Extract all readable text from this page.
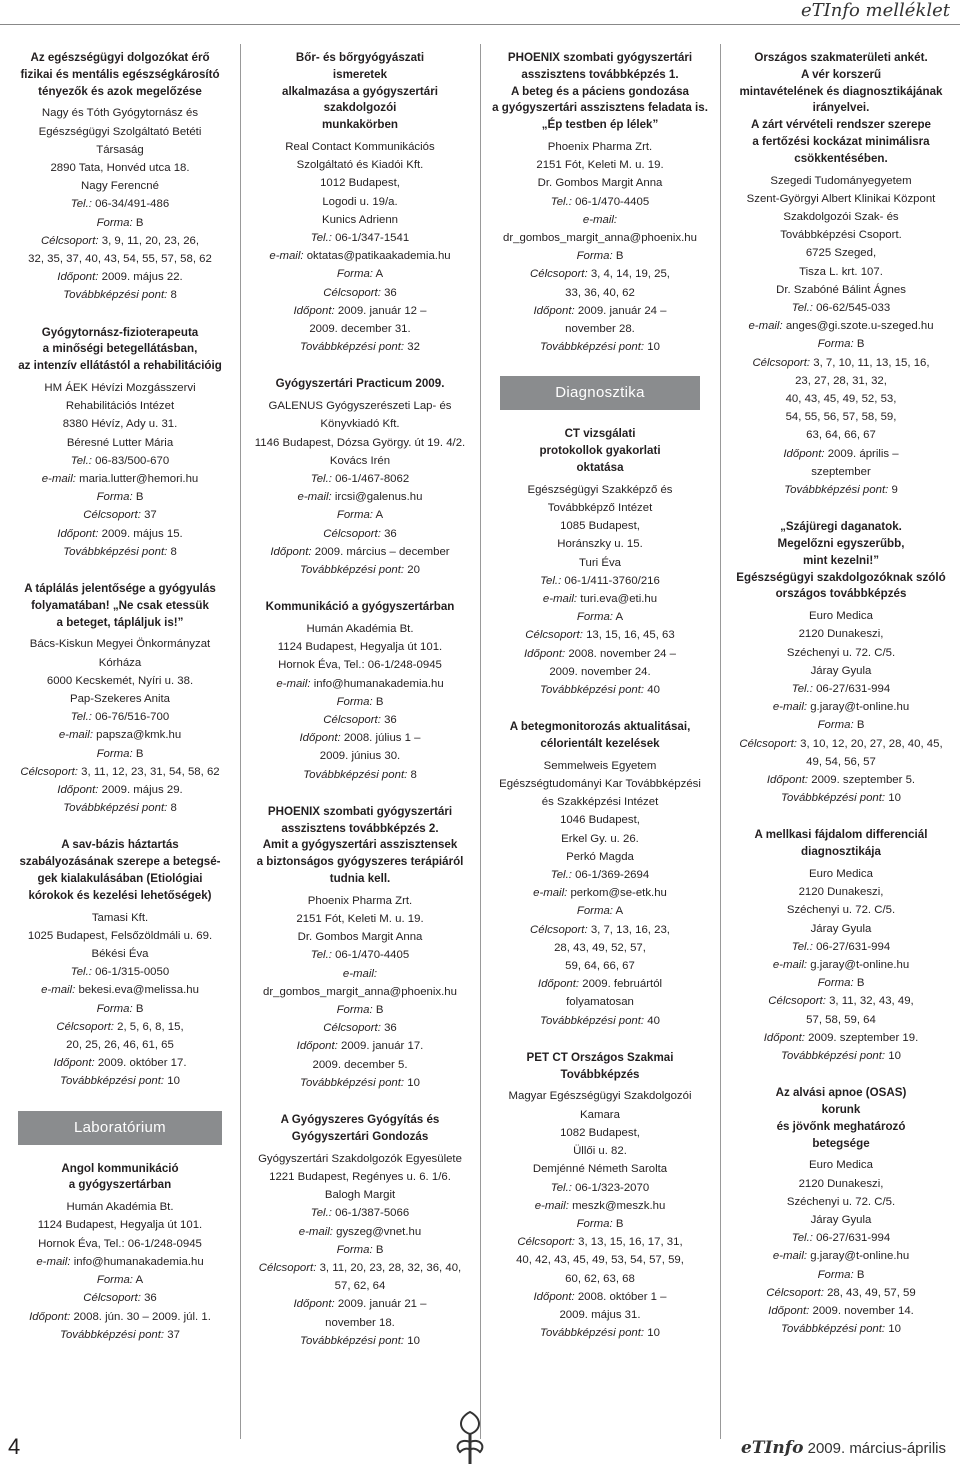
eTInfo melléklet
Az egészségügyi dolgozókat érő
fizikai és mentális egészségkárosító
tényezők és azok megelőzése
Nagy és Tóth Gyógytornász és
Egészségügyi Szolgáltató Betéti
Társaság
2890 Tata, Honvéd utca 18.
Nagy Ferencné
Tel.: 06-34/491-486
Forma: B
Célcsoport: 3, 9, 11, 20, 23, 26,
32, 35, 37, 40, 43, 54, 55, 57, 58, 62
Időpont: 2009. május 22.
Továbbképzési pont: 8
Gyógytornász-fizioterapeuta
a minőségi betegellátásban,
az intenzív ellátástól a rehabilitációig
HM ÁEK Hévízi Mozgásszervi
Rehabilitációs Intézet
8380 Hévíz, Ady u. 31.
Béresné Lutter Mária
Tel.: 06-83/500-670
e-mail: maria.lutter@hemori.hu
Forma: B
Célcsoport: 37
Időpont: 2009. május 15.
Továbbképzési pont: 8
A táplálás jelentősége a gyógyulás
folyamatában! „Ne csak etessük
a beteget, tápláljuk is!”
Bács-Kiskun Megyei Önkormányzat
Kórháza
6000 Kecskemét, Nyíri u. 38.
Pap-Szekeres Anita
Tel.: 06-76/516-700
e-mail: papsza@kmk.hu
Forma: B
Célcsoport: 3, 11, 12, 23, 31, 54, 58, 62
Időpont: 2009. május 29.
Továbbképzési pont: 8
A sav-bázis háztartás
szabályozásának szerepe a betegsé-
gek kialakulásában (Etiológiai
kórokok és kezelési lehetőségek)
Tamasi Kft.
1025 Budapest, Felsőzöldmáli u. 69.
Békési Éva
Tel.: 06-1/315-0050
e-mail: bekesi.eva@melissa.hu
Forma: B
Célcsoport: 2, 5, 6, 8, 15,
20, 25, 26, 46, 61, 65
Időpont: 2009. október 17.
Továbbképzési pont: 10
Laboratórium
Angol kommunikáció
a gyógyszertárban
Humán Akadémia Bt.
1124 Budapest, Hegyalja út 101.
Hornok Éva, Tel.: 06-1/248-0945
e-mail: info@humanakademia.hu
Forma: A
Célcsoport: 36
Időpont: 2008. jún. 30 – 2009. júl. 1.
Továbbképzési pont: 37
Bőr- és bőrgyógyászati
ismeretek
alkalmazása a gyógyszertári
szakdolgozói
munkakörben
Real Contact Kommunikációs
Szolgáltató és Kiadói Kft.
1012 Budapest,
Logodi u. 19/a.
Kunics Adrienn
Tel.: 06-1/347-1541
e-mail: oktatas@patikaakademia.hu
Forma: A
Célcsoport: 36
Időpont: 2009. január 12 –
2009. december 31.
Továbbképzési pont: 32
Gyógyszertári Practicum 2009.
GALENUS Gyógyszerészeti Lap- és
Könyvkiadó Kft.
1146 Budapest, Dózsa György. út 19. 4/2.
Kovács Irén
Tel.: 06-1/467-8062
e-mail: ircsi@galenus.hu
Forma: A
Célcsoport: 36
Időpont: 2009. március – december
Továbbképzési pont: 20
Kommunikáció a gyógyszertárban
Humán Akadémia Bt.
1124 Budapest, Hegyalja út 101.
Hornok Éva, Tel.: 06-1/248-0945
e-mail: info@humanakademia.hu
Forma: B
Célcsoport: 36
Időpont: 2008. július 1 –
2009. június 30.
Továbbképzési pont: 8
PHOENIX szombati gyógyszertári
asszisztens továbbképzés 2.
Amit a gyógyszertári asszisztensek
a biztonságos gyógyszeres terápiáról
tudnia kell.
Phoenix Pharma Zrt.
2151 Fót, Keleti M. u. 19.
Dr. Gombos Margit Anna
Tel.: 06-1/470-4405
e-mail:
dr_gombos_margit_anna@phoenix.hu
Forma: B
Célcsoport: 36
Időpont: 2009. január 17.
2009. december 5.
Továbbképzési pont: 10
A Gyógyszeres Gyógyítás és
Gyógyszertári Gondozás
Gyógyszertári Szakdolgozók Egyesülete
1221 Budapest, Regényes u. 6. 1/6.
Balogh Margit
Tel.: 06-1/387-5066
e-mail: gyszeg@vnet.hu
Forma: B
Célcsoport: 3, 11, 20, 23, 28, 32, 36, 40,
57, 62, 64
Időpont: 2009. január 21 –
november 18.
Továbbképzési pont: 10
PHOENIX szombati gyógyszertári
asszisztens továbbképzés 1.
A beteg és a páciens gondozása
a gyógyszertári asszisztens feladata is.
„Ép testben ép lélek”
Phoenix Pharma Zrt.
2151 Fót, Keleti M. u. 19.
Dr. Gombos Margit Anna
Tel.: 06-1/470-4405
e-mail:
dr_gombos_margit_anna@phoenix.hu
Forma: B
Célcsoport: 3, 4, 14, 19, 25,
33, 36, 40, 62
Időpont: 2009. január 24 –
november 28.
Továbbképzési pont: 10
Diagnosztika
CT vizsgálati
protokollok gyakorlati
oktatása
Egészségügyi Szakképző és
Továbbképző Intézet
1085 Budapest,
Horánszky u. 15.
Turi Éva
Tel.: 06-1/411-3760/216
e-mail: turi.eva@eti.hu
Forma: A
Célcsoport: 13, 15, 16, 45, 63
Időpont: 2008. november 24 –
2009. november 24.
Továbbképzési pont: 40
A betegmonitorozás aktualitásai,
célorientált kezelések
Semmelweis Egyetem
Egészségtudományi Kar Továbbképzési
és Szakképzési Intézet
1046 Budapest,
Erkel Gy. u. 26.
Perkó Magda
Tel.: 06-1/369-2694
e-mail: perkom@se-etk.hu
Forma: A
Célcsoport: 3, 7, 13, 16, 23,
28, 43, 49, 52, 57,
59, 64, 66, 67
Időpont: 2009. februártól
folyamatosan
Továbbképzési pont: 40
PET CT Országos Szakmai
Továbbképzés
Magyar Egészségügyi Szakdolgozói
Kamara
1082 Budapest,
Üllői u. 82.
Demjénné Németh Sarolta
Tel.: 06-1/323-2070
e-mail: meszk@meszk.hu
Forma: B
Célcsoport: 3, 13, 15, 16, 17, 31,
40, 42, 43, 45, 49, 53, 54, 57, 59,
60, 62, 63, 68
Időpont: 2008. október 1 –
2009. május 31.
Továbbképzési pont: 10
Országos szakmaterületi ankét.
A vér korszerű
mintavételének és diagnosztikájának
irányelvei.
A zárt vérvételi rendszer szerepe
a fertőzési kockázat minimálisra
csökkentésében.
Szegedi Tudományegyetem
Szent-Györgyi Albert Klinikai Központ
Szakdolgozói Szak- és
Továbbképzési Csoport.
6725 Szeged,
Tisza L. krt. 107.
Dr. Szabóné Bálint Ágnes
Tel.: 06-62/545-033
e-mail: anges@gi.szote.u-szeged.hu
Forma: B
Célcsoport: 3, 7, 10, 11, 13, 15, 16,
23, 27, 28, 31, 32,
40, 43, 45, 49, 52, 53,
54, 55, 56, 57, 58, 59,
63, 64, 66, 67
Időpont: 2009. április –
szeptember
Továbbképzési pont: 9
„Szájüregi daganatok.
Megelőzni egyszerűbb,
mint kezelni!”
Egészségügyi szakdolgozóknak szóló
országos továbbképzés
Euro Medica
2120 Dunakeszi,
Széchenyi u. 72. C/5.
Járay Gyula
Tel.: 06-27/631-994
e-mail: g.jaray@t-online.hu
Forma: B
Célcsoport: 3, 10, 12, 20, 27, 28, 40, 45,
49, 54, 56, 57
Időpont: 2009. szeptember 5.
Továbbképzési pont: 10
A mellkasi fájdalom differenciál
diagnosztikája
Euro Medica
2120 Dunakeszi,
Széchenyi u. 72. C/5.
Járay Gyula
Tel.: 06-27/631-994
e-mail: g.jaray@t-online.hu
Forma: B
Célcsoport: 3, 11, 32, 43, 49,
57, 58, 59, 64
Időpont: 2009. szeptember 19.
Továbbképzési pont: 10
Az alvási apnoe (OSAS)
korunk
és jövőnk meghatározó
betegsége
Euro Medica
2120 Dunakeszi,
Széchenyi u. 72. C/5.
Járay Gyula
Tel.: 06-27/631-994
e-mail: g.jaray@t-online.hu
Forma: B
Célcsoport: 28, 43, 49, 57, 59
Időpont: 2009. november 14.
Továbbképzési pont: 10
4	eTInfo 2009. március-április
